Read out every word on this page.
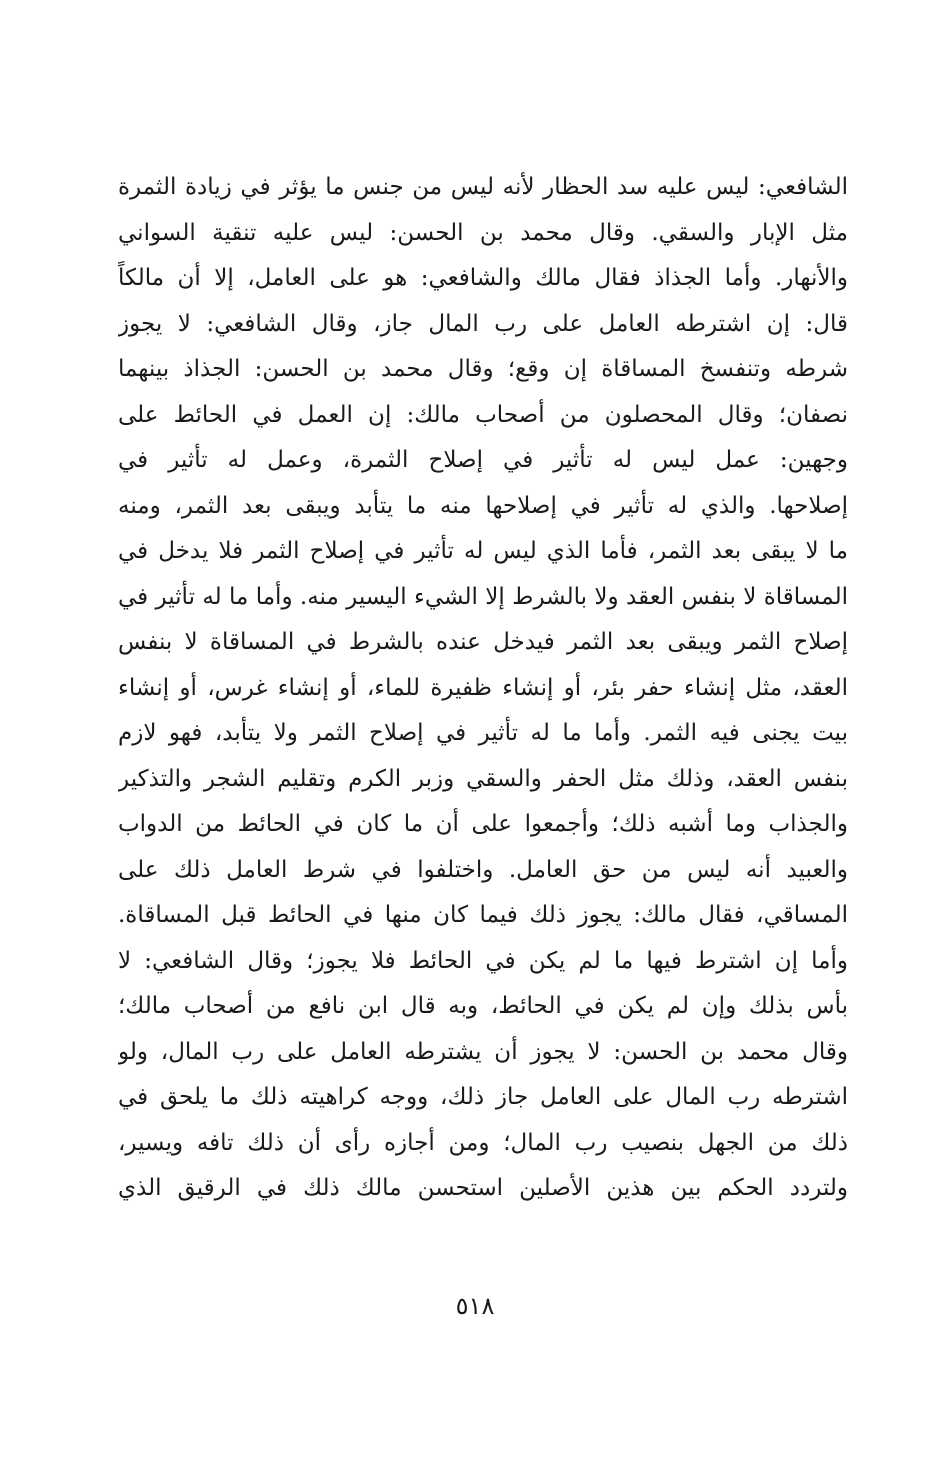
الشافعي: ليس عليه سد الحظار لأنه ليس من جنس ما يؤثر في زيادة الثمرة
مثل الإبار والسقي. وقال محمد بن الحسن: ليس عليه تنقية السواني
والأنهار. وأما الجذاذ فقال مالك والشافعي: هو على العامل، إلا أن مالكاً
قال: إن اشترطه العامل على رب المال جاز، وقال الشافعي: لا يجوز
شرطه وتنفسخ المساقاة إن وقع؛ وقال محمد بن الحسن: الجذاذ بينهما
نصفان؛ وقال المحصلون من أصحاب مالك: إن العمل في الحائط على
وجهين: عمل ليس له تأثير في إصلاح الثمرة، وعمل له تأثير في
إصلاحها. والذي له تأثير في إصلاحها منه ما يتأبد ويبقى بعد الثمر، ومنه
ما لا يبقى بعد الثمر، فأما الذي ليس له تأثير في إصلاح الثمر فلا يدخل في
المساقاة لا بنفس العقد ولا بالشرط إلا الشيء اليسير منه. وأما ما له تأثير في
إصلاح الثمر ويبقى بعد الثمر فيدخل عنده بالشرط في المساقاة لا بنفس
العقد، مثل إنشاء حفر بئر، أو إنشاء ظفيرة للماء، أو إنشاء غرس، أو إنشاء
بيت يجنى فيه الثمر. وأما ما له تأثير في إصلاح الثمر ولا يتأبد، فهو لازم
بنفس العقد، وذلك مثل الحفر والسقي وزبر الكرم وتقليم الشجر والتذكير
والجذاب وما أشبه ذلك؛ وأجمعوا على أن ما كان في الحائط من الدواب
والعبيد أنه ليس من حق العامل. واختلفوا في شرط العامل ذلك على
المساقي، فقال مالك: يجوز ذلك فيما كان منها في الحائط قبل المساقاة.
وأما إن اشترط فيها ما لم يكن في الحائط فلا يجوز؛ وقال الشافعي: لا
بأس بذلك وإن لم يكن في الحائط، وبه قال ابن نافع من أصحاب مالك؛
وقال محمد بن الحسن: لا يجوز أن يشترطه العامل على رب المال، ولو
اشترطه رب المال على العامل جاز ذلك، ووجه كراهيته ذلك ما يلحق في
ذلك من الجهل بنصيب رب المال؛ ومن أجازه رأى أن ذلك تافه ويسير،
ولتردد الحكم بين هذين الأصلين استحسن مالك ذلك في الرقيق الذي
٥١٨
